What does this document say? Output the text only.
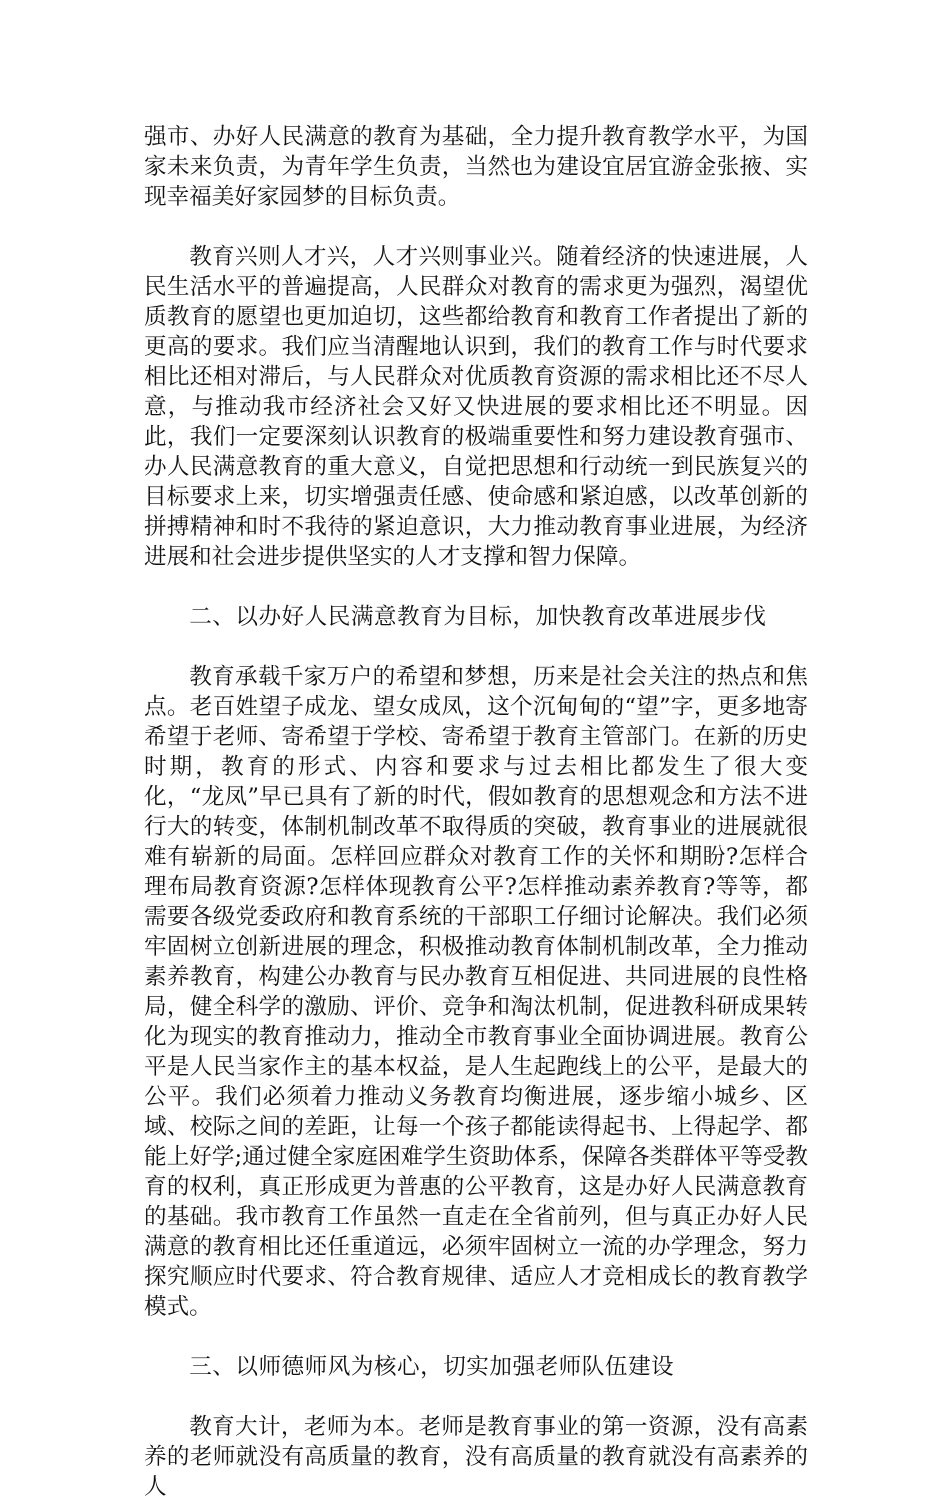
强市、办好人民满意的教育为基础，全力提升教育教学水平，为国家未来负责，为青年学生负责，当然也为建设宜居宜游金张掖、实现幸福美好家园梦的目标负责。

教育兴则人才兴，人才兴则事业兴。随着经济的快速进展，人民生活水平的普遍提高，人民群众对教育的需求更为强烈，渴望优质教育的愿望也更加迫切，这些都给教育和教育工作者提出了新的更高的要求。我们应当清醒地认识到，我们的教育工作与时代要求相比还相对滞后，与人民群众对优质教育资源的需求相比还不尽人意，与推动我市经济社会又好又快进展的要求相比还不明显。因此，我们一定要深刻认识教育的极端重要性和努力建设教育强市、办人民满意教育的重大意义，自觉把思想和行动统一到民族复兴的目标要求上来，切实增强责任感、使命感和紧迫感，以改革创新的拼搏精神和时不我待的紧迫意识，大力推动教育事业进展，为经济进展和社会进步提供坚实的人才支撑和智力保障。

二、以办好人民满意教育为目标，加快教育改革进展步伐

教育承载千家万户的希望和梦想，历来是社会关注的热点和焦点。老百姓望子成龙、望女成凤，这个沉甸甸的“望”字，更多地寄希望于老师、寄希望于学校、寄希望于教育主管部门。在新的历史时期，教育的形式、内容和要求与过去相比都发生了很大变化，“龙凤”早已具有了新的时代，假如教育的思想观念和方法不进行大的转变，体制机制改革不取得质的突破，教育事业的进展就很难有崭新的局面。怎样回应群众对教育工作的关怀和期盼?怎样合理布局教育资源?怎样体现教育公平?怎样推动素养教育?等等，都需要各级党委政府和教育系统的干部职工仔细讨论解决。我们必须牢固树立创新进展的理念，积极推动教育体制机制改革，全力推动素养教育，构建公办教育与民办教育互相促进、共同进展的良性格局，健全科学的激励、评价、竞争和淘汰机制，促进教科研成果转化为现实的教育推动力，推动全市教育事业全面协调进展。教育公平是人民当家作主的基本权益，是人生起跑线上的公平，是最大的公平。我们必须着力推动义务教育均衡进展，逐步缩小城乡、区域、校际之间的差距，让每一个孩子都能读得起书、上得起学、都能上好学;通过健全家庭困难学生资助体系，保障各类群体平等受教育的权利，真正形成更为普惠的公平教育，这是办好人民满意教育的基础。我市教育工作虽然一直走在全省前列，但与真正办好人民满意的教育相比还任重道远，必须牢固树立一流的办学理念，努力探究顺应时代要求、符合教育规律、适应人才竞相成长的教育教学模式。

三、以师德师风为核心，切实加强老师队伍建设

教育大计，老师为本。老师是教育事业的第一资源，没有高素养的老师就没有高质量的教育，没有高质量的教育就没有高素养的人
